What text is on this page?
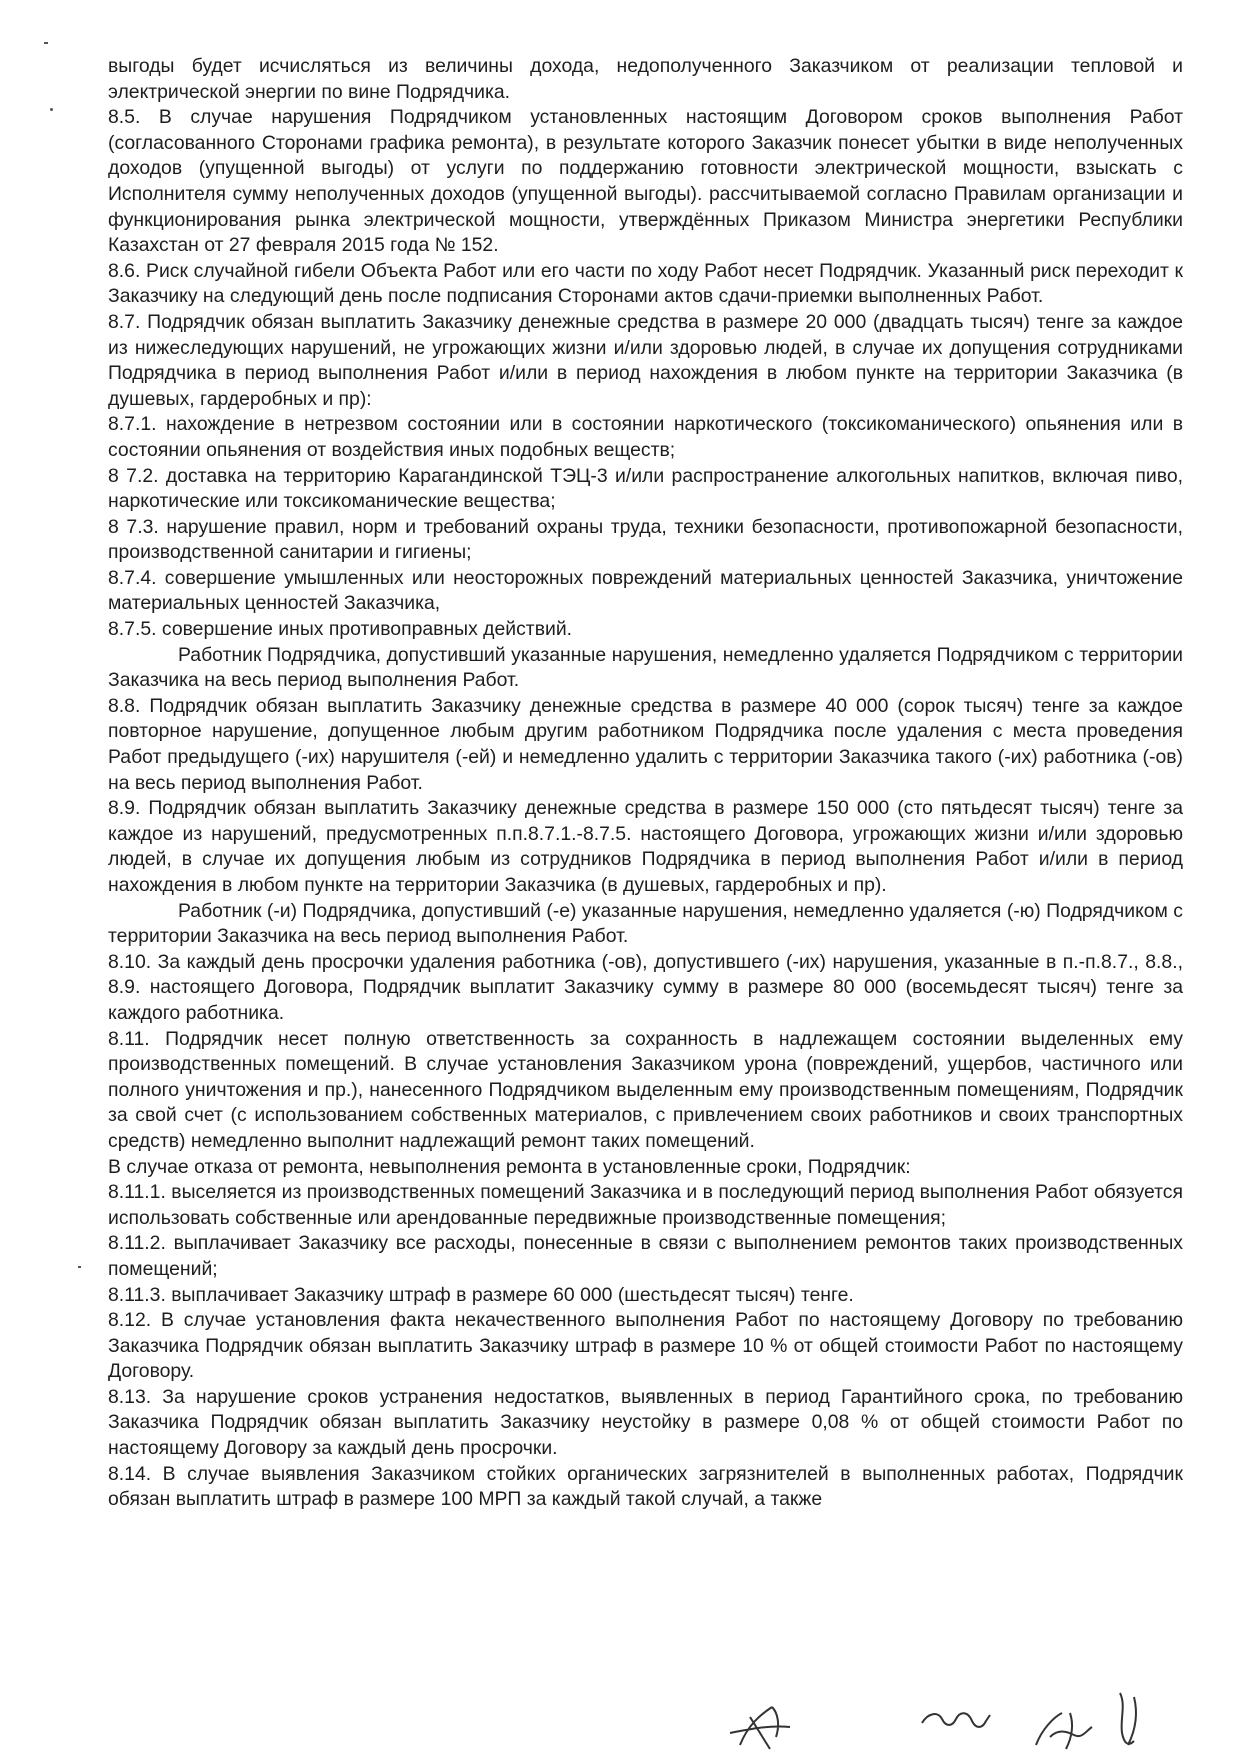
выгоды будет исчисляться из величины дохода, недополученного Заказчиком от реализации тепловой и электрической энергии по вине Подрядчика.

8.5. В случае нарушения Подрядчиком установленных настоящим Договором сроков выполнения Работ (согласованного Сторонами графика ремонта), в результате которого Заказчик понесет убытки в виде неполученных доходов (упущенной выгоды) от услуги по поддержанию готовности электрической мощности, взыскать с Исполнителя сумму неполученных доходов (упущенной выгоды). рассчитываемой согласно Правилам организации и функционирования рынка электрической мощности, утверждённых Приказом Министра энергетики Республики Казахстан от 27 февраля 2015 года № 152.

8.6. Риск случайной гибели Объекта Работ или его части по ходу Работ несет Подрядчик. Указанный риск переходит к Заказчику на следующий день после подписания Сторонами актов сдачи-приемки выполненных Работ.

8.7. Подрядчик обязан выплатить Заказчику денежные средства в размере 20 000 (двадцать тысяч) тенге за каждое из нижеследующих нарушений, не угрожающих жизни и/или здоровью людей, в случае их допущения сотрудниками Подрядчика в период выполнения Работ и/или в период нахождения в любом пункте на территории Заказчика (в душевых, гардеробных и пр):

8.7.1. нахождение в нетрезвом состоянии или в состоянии наркотического (токсикоманического) опьянения или в состоянии опьянения от воздействия иных подобных веществ;

8 7.2. доставка на территорию Карагандинской ТЭЦ-3 и/или распространение алкогольных напитков, включая пиво, наркотические или токсикоманические вещества;

8 7.3. нарушение правил, норм и требований охраны труда, техники безопасности, противопожарной безопасности, производственной санитарии и гигиены;

8.7.4. совершение умышленных или неосторожных повреждений материальных ценностей Заказчика, уничтожение материальных ценностей Заказчика,

8.7.5. совершение иных противоправных действий.

Работник Подрядчика, допустивший указанные нарушения, немедленно удаляется Подрядчиком с территории Заказчика на весь период выполнения Работ.

8.8. Подрядчик обязан выплатить Заказчику денежные средства в размере 40 000 (сорок тысяч) тенге за каждое повторное нарушение, допущенное любым другим работником Подрядчика после удаления с места проведения Работ предыдущего (-их) нарушителя (-ей) и немедленно удалить с территории Заказчика такого (-их) работника (-ов) на весь период выполнения Работ.

8.9. Подрядчик обязан выплатить Заказчику денежные средства в размере 150 000 (сто пятьдесят тысяч) тенге за каждое из нарушений, предусмотренных п.п.8.7.1.-8.7.5. настоящего Договора, угрожающих жизни и/или здоровью людей, в случае их допущения любым из сотрудников Подрядчика в период выполнения Работ и/или в период нахождения в любом пункте на территории Заказчика (в душевых, гардеробных и пр).

Работник (-и) Подрядчика, допустивший (-е) указанные нарушения, немедленно удаляется (-ю) Подрядчиком с территории Заказчика на весь период выполнения Работ.

8.10. За каждый день просрочки удаления работника (-ов), допустившего (-их) нарушения, указанные в п.-п.8.7., 8.8., 8.9. настоящего Договора, Подрядчик выплатит Заказчику сумму в размере 80 000 (восемьдесят тысяч) тенге за каждого работника.

8.11. Подрядчик несет полную ответственность за сохранность в надлежащем состоянии выделенных ему производственных помещений. В случае установления Заказчиком урона (повреждений, ущербов, частичного или полного уничтожения и пр.), нанесенного Подрядчиком выделенным ему производственным помещениям, Подрядчик за свой счет (с использованием собственных материалов, с привлечением своих работников и своих транспортных средств) немедленно выполнит надлежащий ремонт таких помещений.

В случае отказа от ремонта, невыполнения ремонта в установленные сроки, Подрядчик:

8.11.1. выселяется из производственных помещений Заказчика и в последующий период выполнения Работ обязуется использовать собственные или арендованные передвижные производственные помещения;

8.11.2. выплачивает Заказчику все расходы, понесенные в связи с выполнением ремонтов таких производственных помещений;

8.11.3. выплачивает Заказчику штраф в размере 60 000 (шестьдесят тысяч) тенге.

8.12. В случае установления факта некачественного выполнения Работ по настоящему Договору по требованию Заказчика Подрядчик обязан выплатить Заказчику штраф в размере 10 % от общей стоимости Работ по настоящему Договору.

8.13. За нарушение сроков устранения недостатков, выявленных в период Гарантийного срока, по требованию Заказчика Подрядчик обязан выплатить Заказчику неустойку в размере 0,08 % от общей стоимости Работ по настоящему Договору за каждый день просрочки.

8.14. В случае выявления Заказчиком стойких органических загрязнителей в выполненных работах, Подрядчик обязан выплатить штраф в размере 100 МРП за каждый такой случай, а также
